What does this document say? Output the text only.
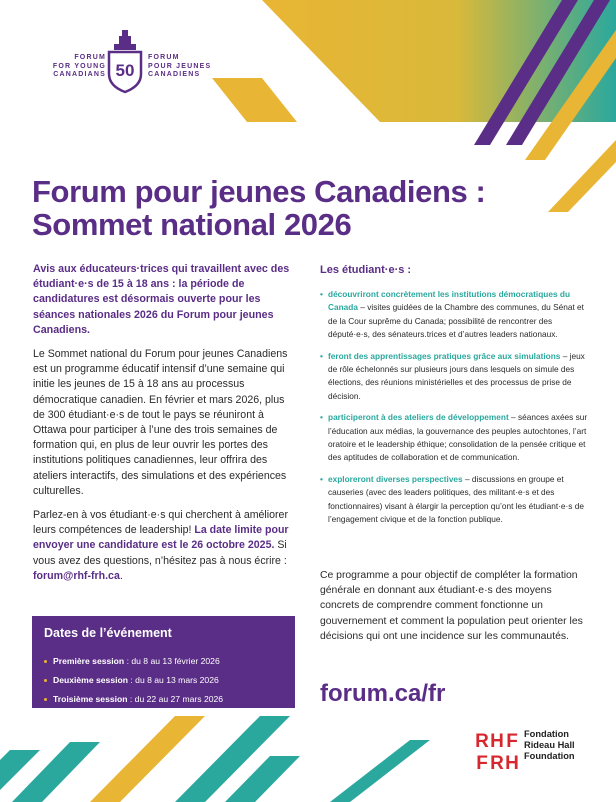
FORUM
FOR YOUNG
CANADIANS 50
FORUM
POUR JEUNES
CANADIENS
Forum pour jeunes Canadiens :
Sommet national 2026

Avis aux éducateurs·trices qui travaillent avec des étudiant·e·s de 15 à 18 ans : la période de candidatures est désormais ouverte pour les séances nationales 2026 du Forum pour jeunes Canadiens.

Le Sommet national du Forum pour jeunes Canadiens est un programme éducatif intensif d’une semaine qui initie les jeunes de 15 à 18 ans au processus démocratique canadien. En février et mars 2026, plus de 300 étudiant·e·s de tout le pays se réuniront à Ottawa pour participer à l’une des trois semaines de formation qui, en plus de leur ouvrir les portes des institutions politiques canadiennes, leur offrira des ateliers interactifs, des simulations et des expériences culturelles.

Parlez-en à vos étudiant·e·s qui cherchent à améliorer leurs compétences de leadership! La date limite pour envoyer une candidature est le 26 octobre 2025. Si vous avez des questions, n’hésitez pas à nous écrire : forum@rhf-frh.ca.

Dates de l’événement
Première session : du 8 au 13 février 2026
Deuxième session : du 8 au 13 mars 2026
Troisième session : du 22 au 27 mars 2026
Les étudiant·e·s :
• découvriront concrètement les institutions démocratiques du Canada – visites guidées de la Chambre des communes, du Sénat et de la Cour suprême du Canada; possibilité de rencontrer des député·e·s, des sénateurs.trices et d’autres leaders nationaux.
• feront des apprentissages pratiques grâce aux simulations – jeux de rôle échelonnés sur plusieurs jours dans lesquels on simule des élections, des réunions ministérielles et des processus de prise de décision.
• participeront à des ateliers de développement – séances axées sur l’éducation aux médias, la gouvernance des peuples autochtones, l’art oratoire et le leadership éthique; consolidation de la pensée critique et des aptitudes de collaboration et de communication.
• exploreront diverses perspectives – discussions en groupe et causeries (avec des leaders politiques, des militant·e·s et des fonctionnaires) visant à élargir la perception qu’ont les étudiant·e·s de l’engagement civique et de la fonction publique.

Ce programme a pour objectif de compléter la formation générale en donnant aux étudiant·e·s des moyens concrets de comprendre comment fonctionne un gouvernement et comment la population peut orienter les décisions qui ont une incidence sur les communautés.

forum.ca/fr

R H F
F R H
Fondation
Rideau Hall
Foundation
